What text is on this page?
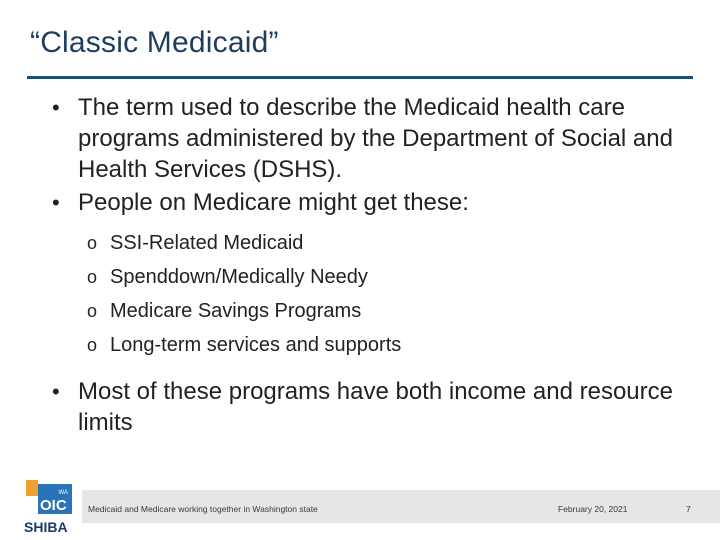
“Classic Medicaid”
• The term used to describe the Medicaid health care programs administered by the Department of Social and Health Services (DSHS).
• People on Medicare might get these:
o SSI-Related Medicaid
o Spenddown/Medically Needy
o Medicare Savings Programs
o Long-term services and supports
• Most of these programs have both income and resource limits
WA
OIC
SHIBA
Medicaid and Medicare working together in Washington state	February 20, 2021	7
